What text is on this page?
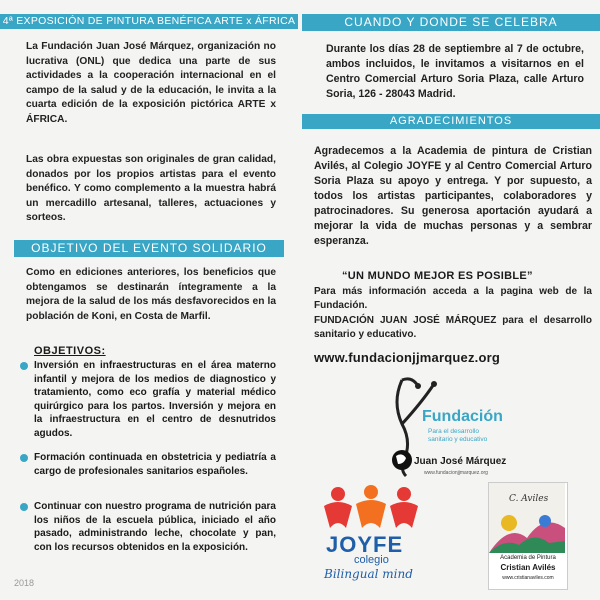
4ª EXPOSICIÓN DE PINTURA BENÉFICA ARTE x ÁFRICA
La Fundación Juan José Márquez, organización no lucrativa (ONL) que dedica una parte de sus actividades a la cooperación internacional en el campo de la salud y de la educación, le invita a la cuarta edición de la exposición pictórica ARTE x ÁFRICA.
Las obra expuestas son originales de gran calidad, donados por los propios artistas para el evento benéfico. Y como complemento a la muestra habrá un mercadillo artesanal, talleres, actuaciones y sorteos.
OBJETIVO DEL EVENTO SOLIDARIO
Como en ediciones anteriores, los beneficios que obtengamos se destinarán íntegramente a la mejora de la salud de los más desfavorecidos en la población de Koni, en Costa de Marfil.
OBJETIVOS:
Inversión en infraestructuras en el área materno infantil y mejora de los medios de diagnostico y tratamiento, como eco grafía y material médico quirúrgico para los partos. Inversión y mejora en la infraestructura en el centro de desnutridos agudos.
Formación continuada en obstetricia y pediatría a cargo de profesionales sanitarios españoles.
Continuar con nuestro programa de nutrición para los niños de la escuela pública, iniciado el año pasado, administrando leche, chocolate y pan, con los recursos obtenidos en la exposición.
2018
CUANDO Y DONDE SE CELEBRA
Durante los días 28 de septiembre al 7 de octubre, ambos incluidos, le invitamos a visitarnos en el Centro Comercial Arturo Soria Plaza, calle Arturo Soria, 126 - 28043 Madrid.
AGRADECIMIENTOS
Agradecemos a la Academia de pintura de Cristian Avilés, al Colegio JOYFE y al Centro Comercial Arturo Soria Plaza su apoyo y entrega. Y por supuesto, a todos los artistas participantes, colaboradores y patrocinadores. Su generosa aportación ayudará a mejorar la vida de muchas personas y a sembrar esperanza.
“UN MUNDO MEJOR ES POSIBLE”
Para más información acceda a la pagina web de la Fundación.
FUNDACIÓN JUAN JOSÉ MÁRQUEZ para el desarrollo sanitario y educativo.
www.fundacionjjmarquez.org
Fundación
Para el desarrollo
sanitario y educativo
Juan José Márquez
www.fundacionjjmarquez.org
JOYFE
colegio
Bilingual mind
C. Aviles
Academia de Pintura
Cristian Avilés
www.cristianaviles.com
